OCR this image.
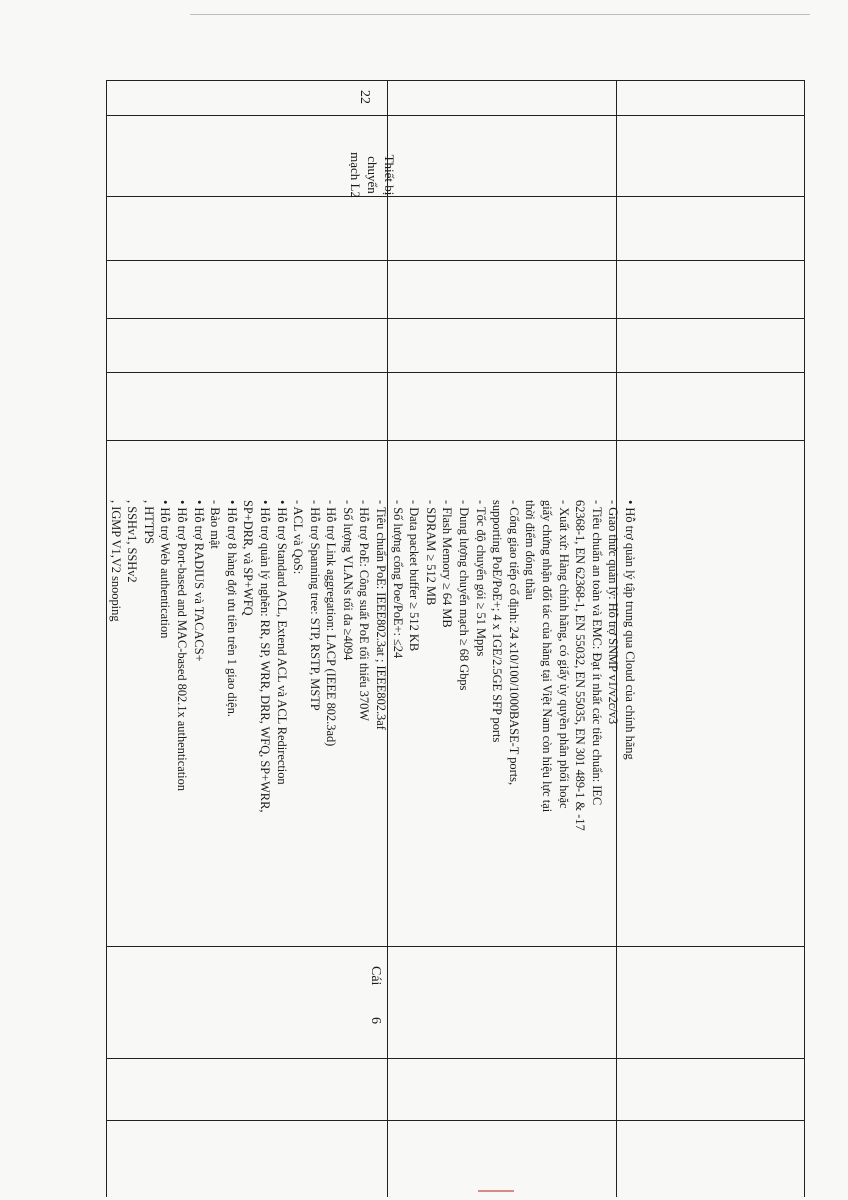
22
Thiết bị
chuyển
mạch L2
• Hỗ trợ quản lý tập trung qua Cloud của chính hãng
- Giao thức quản lý: Hỗ trợ SNMP v1/v2c/v3
- Tiêu chuẩn an toàn và EMC: Đạt ít nhất các tiêu chuẩn: IEC
62368-1, EN 62368-1, EN 55032, EN 55035, EN 301 489-1 & -17
- Xuất xứ: Hàng chính hãng, có giấy ủy quyền phân phối hoặc
giấy chứng nhận đối tác của hãng tại Việt Nam còn hiệu lực tại
thời điểm đóng thầu
- Cổng giao tiếp cố định: 24 x10/100/1000BASE-T ports,
supporting PoE/PoE+; 4 x 1GE/2.5GE SFP ports
- Tốc độ chuyển gói ≥ 51 Mpps
- Dung lượng chuyển mạch ≥ 68 Gbps
- Flash Memory ≥ 64 MB
- SDRAM ≥ 512 MB
- Data packet buffer ≥ 512 KB
- Số lượng cổng Poe/PoE+: ≤24
- Tiêu chuẩn PoE: IEEE802.3at ; IEEE802.3af
- Hỗ trợ PoE: Công suất PoE tối thiểu 370W
- Số lượng VLANs tối đa ≥4094
- Hỗ trợ Link aggregation: LACP (IEEE 802.3ad)
- Hỗ trợ Spanning tree: STP, RSTP, MSTP
- ACL và QoS:
• Hỗ trợ Standard ACL, Extend ACL và ACL Redirection
• Hỗ trợ quản lý nghẽn: RR, SP, WRR, DRR, WFQ, SP+WRR,
SP+DRR, và SP+WFQ
• Hỗ trợ 8 hàng đợi ưu tiên trên 1 giao diện.
- Bảo mật
• Hỗ trợ RADIUS và TACACS+
• Hỗ trợ Port-based and MAC-based 802.1x authentication
• Hỗ trợ Web authentication
, HTTPS
, SSHv1, SSHv2
, IGMP V1,V2 snooping
Cái
6
